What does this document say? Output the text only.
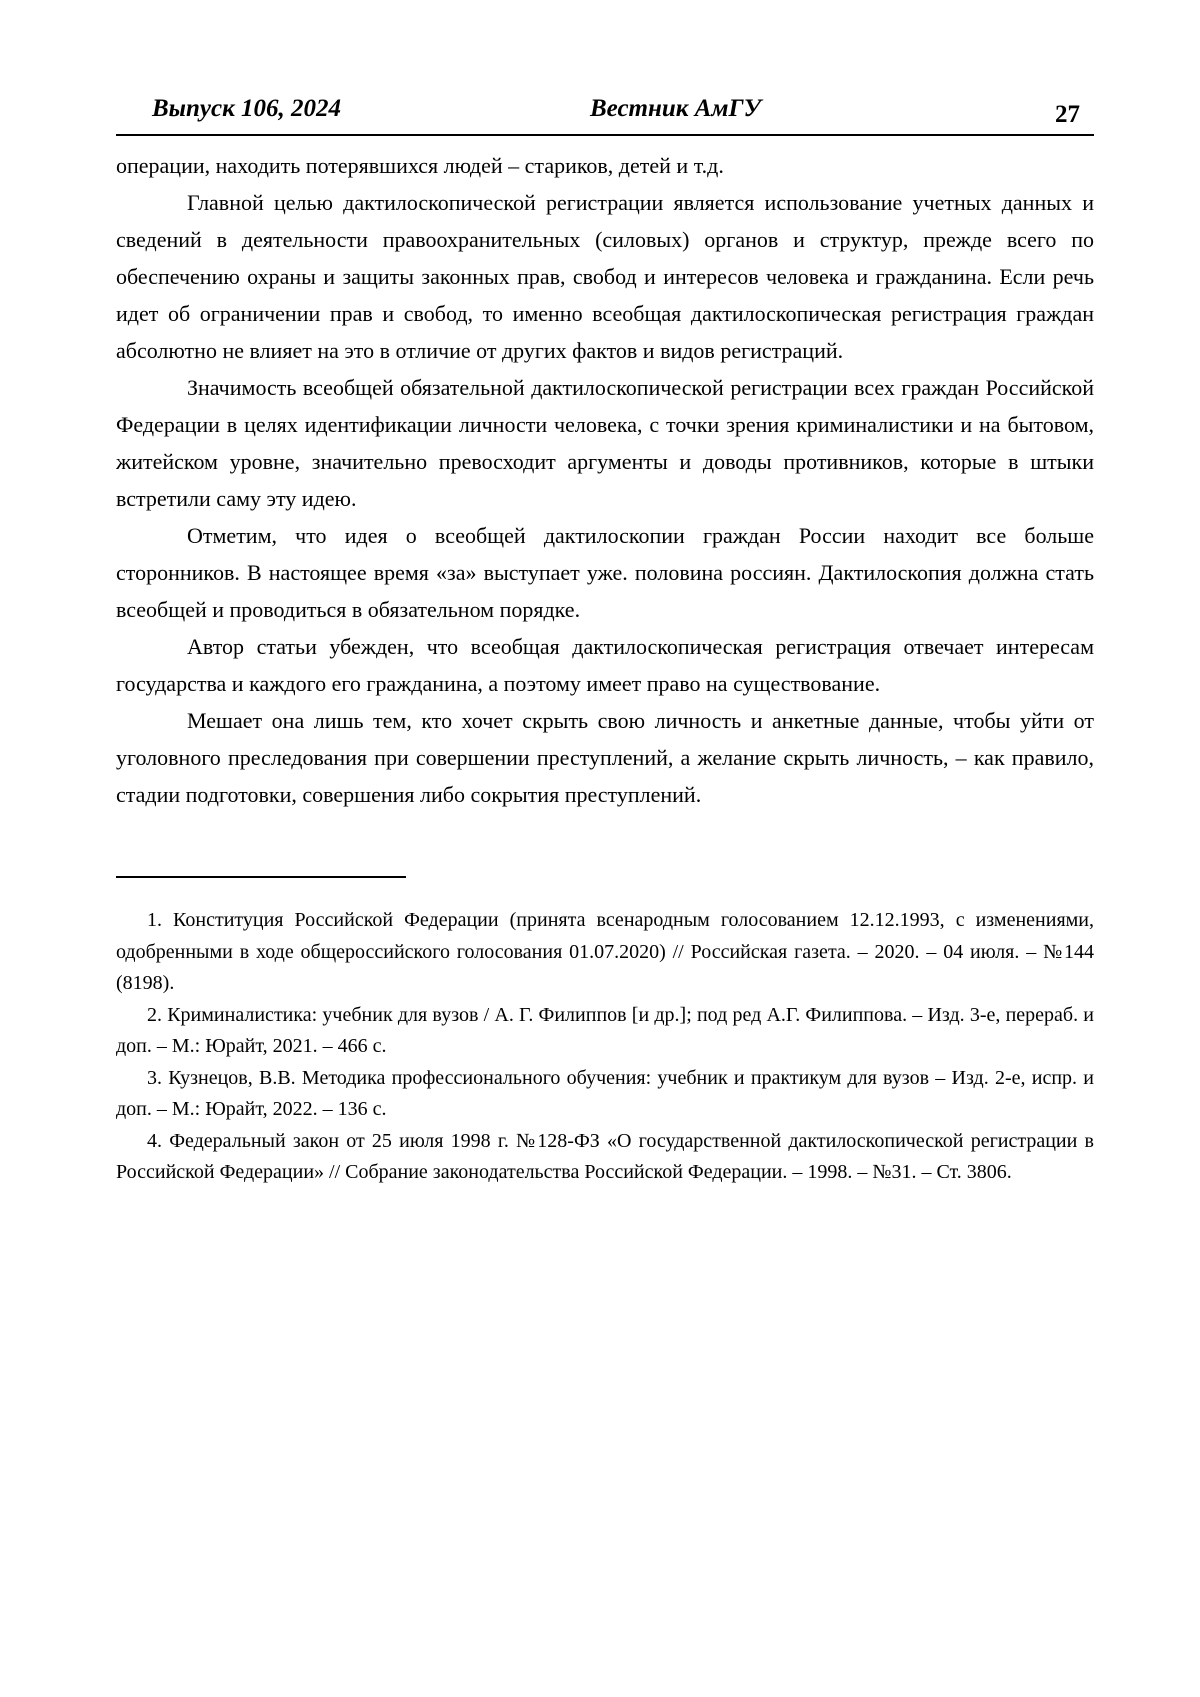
Выпуск 106, 2024	Вестник АмГУ	27

операции, находить потерявшихся людей – стариков, детей и т.д.

Главной целью дактилоскопической регистрации является использование учетных данных и сведений в деятельности правоохранительных (силовых) органов и структур, прежде всего по обеспечению охраны и защиты законных прав, свобод и интересов человека и гражданина. Если речь идет об ограничении прав и свобод, то именно всеобщая дактилоскопическая регистрация граждан абсолютно не влияет на это в отличие от других фактов и видов регистраций.

Значимость всеобщей обязательной дактилоскопической регистрации всех граждан Российской Федерации в целях идентификации личности человека, с точки зрения криминалистики и на бытовом, житейском уровне, значительно превосходит аргументы и доводы противников, которые в штыки встретили саму эту идею.

Отметим, что идея о всеобщей дактилоскопии граждан России находит все больше сторонников. В настоящее время «за» выступает уже. половина россиян. Дактилоскопия должна стать всеобщей и проводиться в обязательном порядке.

Автор статьи убежден, что всеобщая дактилоскопическая регистрация отвечает интересам государства и каждого его гражданина, а поэтому имеет право на существование.

Мешает она лишь тем, кто хочет скрыть свою личность и анкетные данные, чтобы уйти от уголовного преследования при совершении преступлений, а желание скрыть личность, – как правило, стадии подготовки, совершения либо сокрытия преступлений.

1. Конституция Российской Федерации (принята всенародным голосованием 12.12.1993, с изменениями, одобренными в ходе общероссийского голосования 01.07.2020) // Российская газета. – 2020. – 04 июля. – №144 (8198).
2. Криминалистика: учебник для вузов / А. Г. Филиппов [и др.]; под ред А.Г. Филиппова. – Изд. 3-е, перераб. и доп. – М.: Юрайт, 2021. – 466 с.
3. Кузнецов, В.В. Методика профессионального обучения: учебник и практикум для вузов – Изд. 2-е, испр. и доп. – М.: Юрайт, 2022. – 136 с.
4. Федеральный закон от 25 июля 1998 г. №128-ФЗ «О государственной дактилоскопической регистрации в Российской Федерации» // Собрание законодательства Российской Федерации. – 1998. – №31. – Ст. 3806.
